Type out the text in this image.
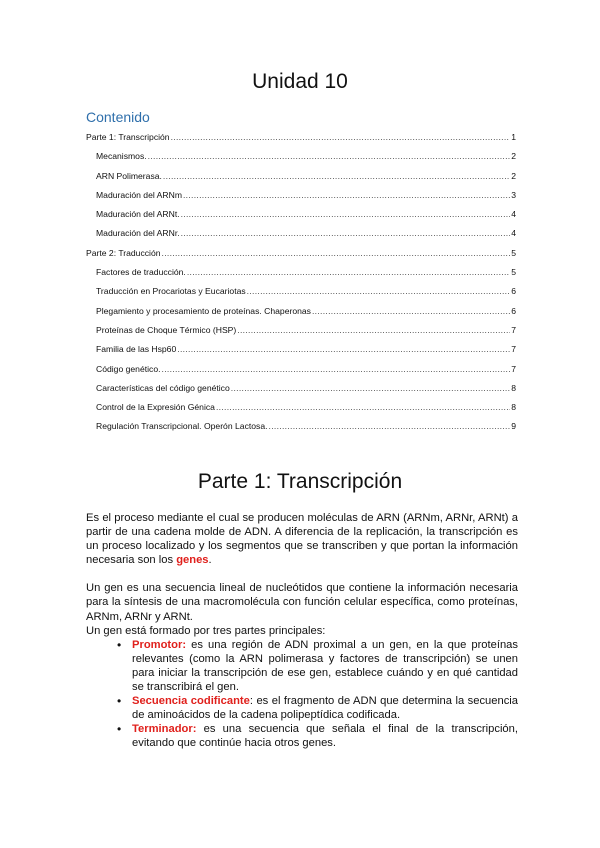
Unidad 10
Contenido
Parte 1: Transcripción .....	1
Mecanismos. .....	2
ARN Polimerasa. .....	2
Maduración del ARNm .....	3
Maduración del ARNt. .....	4
Maduración del ARNr. .....	4
Parte 2: Traducción .....	5
Factores de traducción. .....	5
Traducción en Procariotas y Eucariotas .....	6
Plegamiento y procesamiento de proteínas. Chaperonas .....	6
Proteínas de Choque Térmico (HSP) .....	7
Familia de las Hsp60 .....	7
Código genético. .....	7
Características del código genético .....	8
Control de la Expresión Génica .....	8
Regulación Transcripcional. Operón Lactosa. .....	9
Parte 1: Transcripción

Es el proceso mediante el cual se producen moléculas de ARN (ARNm, ARNr, ARNt) a partir de una cadena molde de ADN. A diferencia de la replicación, la transcripción es un proceso localizado y los segmentos que se transcriben y que portan la información necesaria son los genes.

Un gen es una secuencia lineal de nucleótidos que contiene la información necesaria para la síntesis de una macromolécula con función celular específica, como proteínas, ARNm, ARNr y ARNt.

Un gen está formado por tres partes principales:

• Promotor: es una región de ADN proximal a un gen, en la que proteínas relevantes (como la ARN polimerasa y factores de transcripción) se unen para iniciar la transcripción de ese gen, establece cuándo y en qué cantidad se transcribirá el gen.
• Secuencia codificante: es el fragmento de ADN que determina la secuencia de aminoácidos de la cadena polipeptídica codificada.
• Terminador: es una secuencia que señala el final de la transcripción, evitando que continúe hacia otros genes.
